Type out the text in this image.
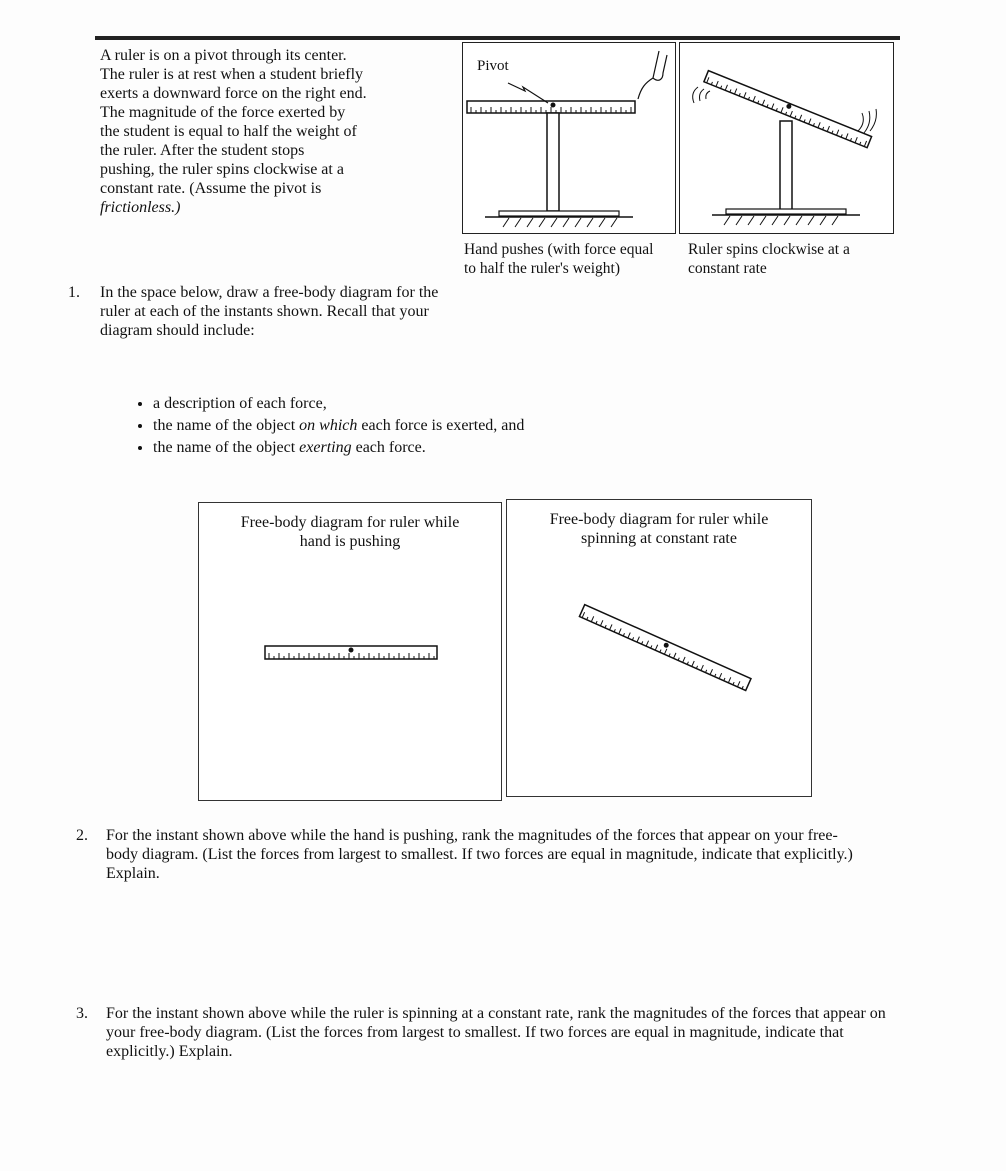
A ruler is on a pivot through its center.
The ruler is at rest when a student briefly
exerts a downward force on the right end.
The magnitude of the force exerted by
the student is equal to half the weight of
the ruler. After the student stops
pushing, the ruler spins clockwise at a
constant rate. (Assume the pivot is
frictionless.)
Pivot
Hand pushes (with force equal to half the ruler's weight)
Ruler spins clockwise at a constant rate
1. In the space below, draw a free-body diagram for the ruler at each of the instants shown. Recall that your diagram should include:
• a description of each force,
• the name of the object on which each force is exerted, and
• the name of the object exerting each force.
Free-body diagram for ruler while hand is pushing
Free-body diagram for ruler while spinning at constant rate
2. For the instant shown above while the hand is pushing, rank the magnitudes of the forces that appear on your free-body diagram. (List the forces from largest to smallest. If two forces are equal in magnitude, indicate that explicitly.) Explain.
3. For the instant shown above while the ruler is spinning at a constant rate, rank the magnitudes of the forces that appear on your free-body diagram. (List the forces from largest to smallest. If two forces are equal in magnitude, indicate that explicitly.) Explain.
